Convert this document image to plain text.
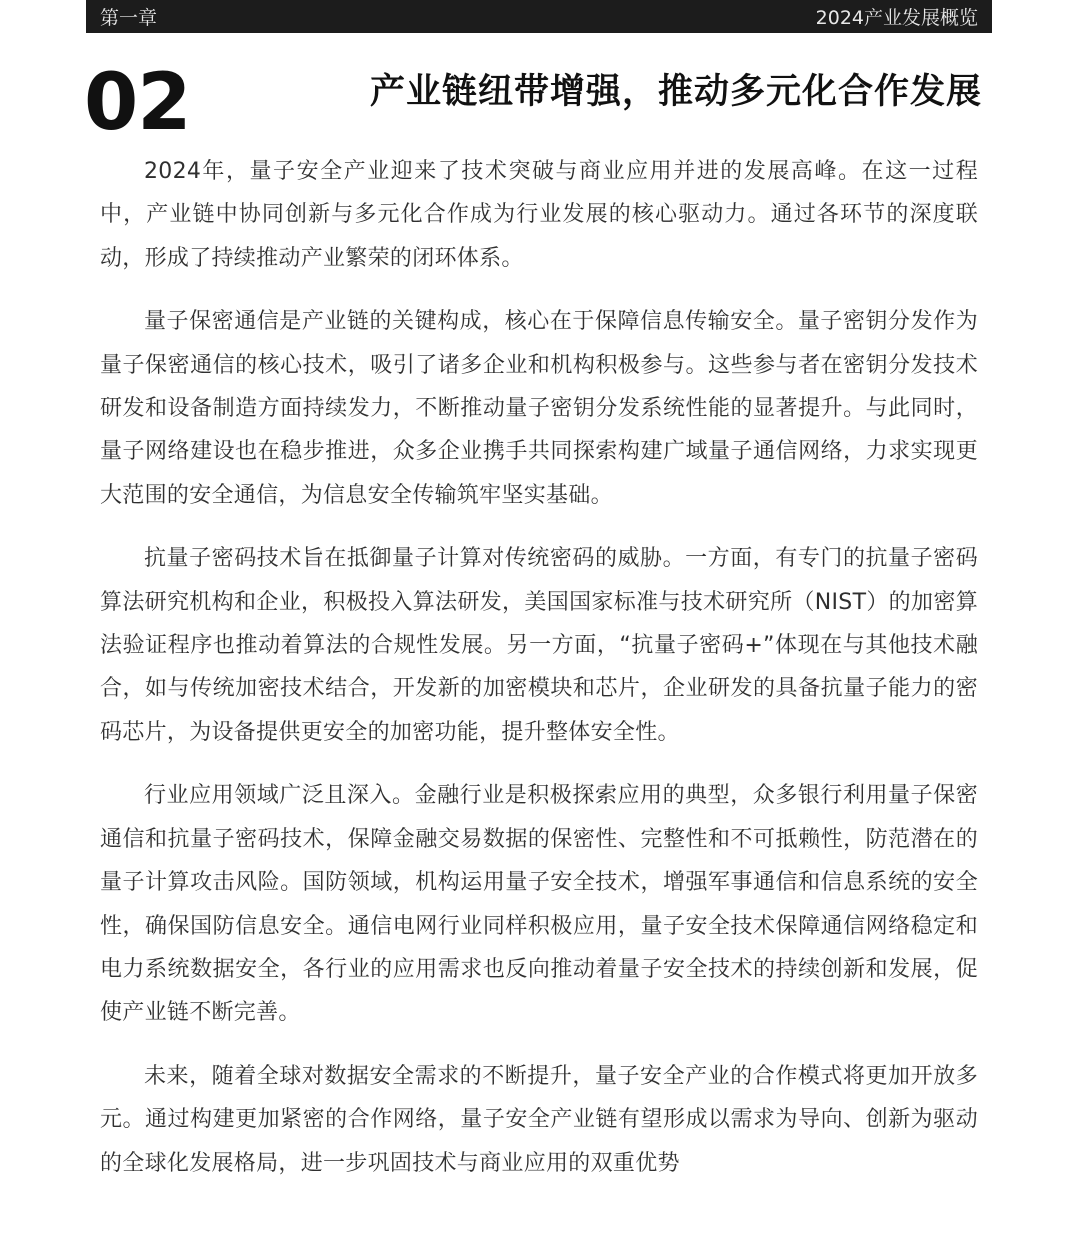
第一章	2024产业发展概览
02	产业链纽带增强，推动多元化合作发展

2024年，量子安全产业迎来了技术突破与商业应用并进的发展高峰。在这一过程中，产业链中协同创新与多元化合作成为行业发展的核心驱动力。通过各环节的深度联动，形成了持续推动产业繁荣的闭环体系。

量子保密通信是产业链的关键构成，核心在于保障信息传输安全。量子密钥分发作为量子保密通信的核心技术，吸引了诸多企业和机构积极参与。这些参与者在密钥分发技术研发和设备制造方面持续发力，不断推动量子密钥分发系统性能的显著提升。与此同时，量子网络建设也在稳步推进，众多企业携手共同探索构建广域量子通信网络，力求实现更大范围的安全通信，为信息安全传输筑牢坚实基础。

抗量子密码技术旨在抵御量子计算对传统密码的威胁。一方面，有专门的抗量子密码算法研究机构和企业，积极投入算法研发，美国国家标准与技术研究所（NIST）的加密算法验证程序也推动着算法的合规性发展。另一方面，“抗量子密码+”体现在与其他技术融合，如与传统加密技术结合，开发新的加密模块和芯片，企业研发的具备抗量子能力的密码芯片，为设备提供更安全的加密功能，提升整体安全性。

行业应用领域广泛且深入。金融行业是积极探索应用的典型，众多银行利用量子保密通信和抗量子密码技术，保障金融交易数据的保密性、完整性和不可抵赖性，防范潜在的量子计算攻击风险。国防领域，机构运用量子安全技术，增强军事通信和信息系统的安全性，确保国防信息安全。通信电网行业同样积极应用，量子安全技术保障通信网络稳定和电力系统数据安全，各行业的应用需求也反向推动着量子安全技术的持续创新和发展，促使产业链不断完善。

未来，随着全球对数据安全需求的不断提升，量子安全产业的合作模式将更加开放多元。通过构建更加紧密的合作网络，量子安全产业链有望形成以需求为导向、创新为驱动的全球化发展格局，进一步巩固技术与商业应用的双重优势
